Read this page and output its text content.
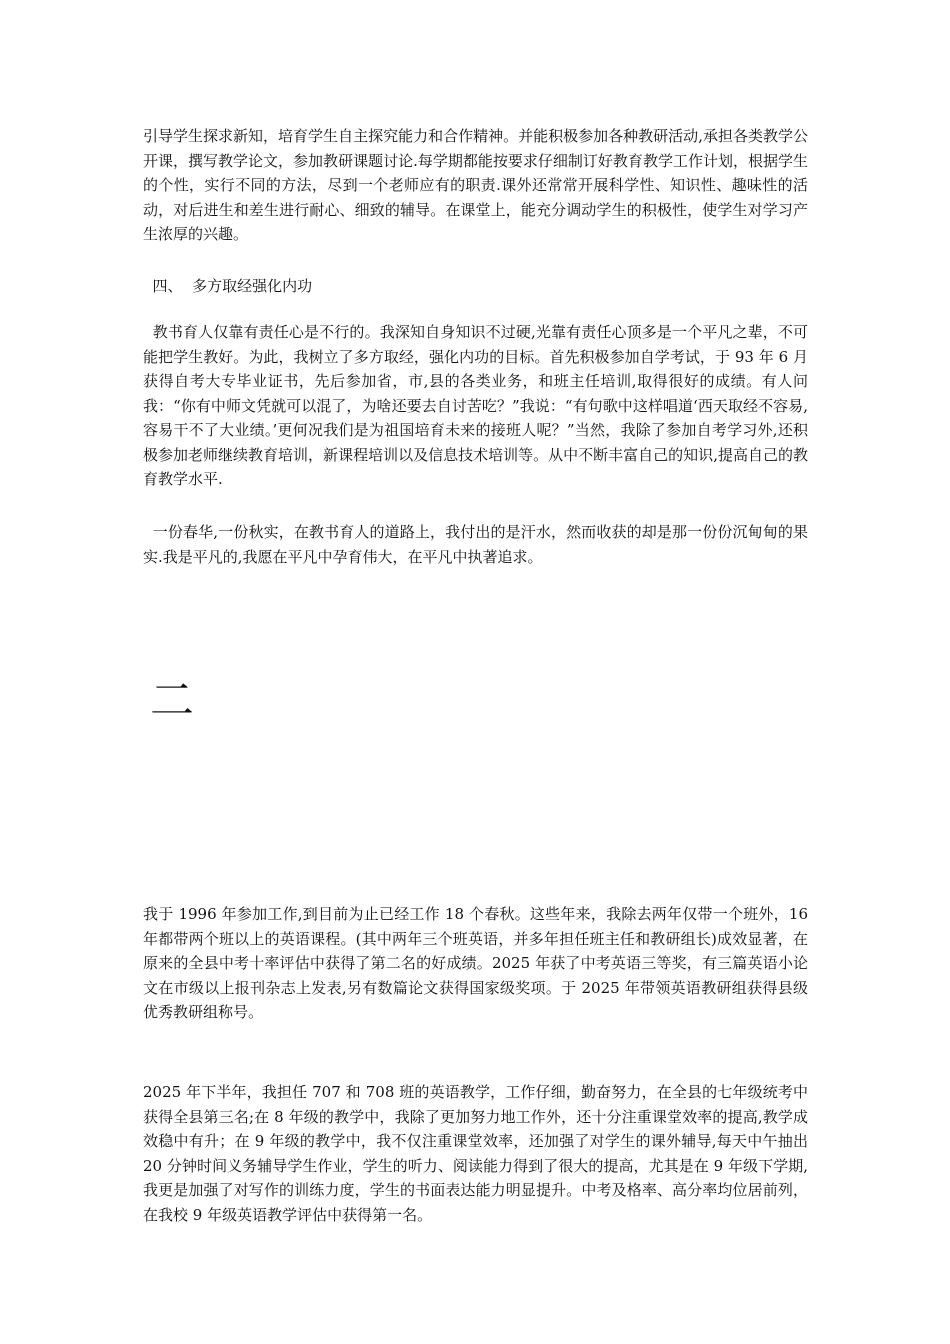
引导学生探求新知，培育学生自主探究能力和合作精神。并能积极参加各种教研活动,承担各类教学公开课，撰写教学论文，参加教研课题讨论.每学期都能按要求仔细制订好教育教学工作计划，根据学生的个性，实行不同的方法，尽到一个老师应有的职责.课外还常常开展科学性、知识性、趣味性的活动，对后进生和差生进行耐心、细致的辅导。在课堂上，能充分调动学生的积极性，使学生对学习产生浓厚的兴趣。

四、  多方取经强化内功

教书育人仅靠有责任心是不行的。我深知自身知识不过硬,光靠有责任心顶多是一个平凡之辈，不可能把学生教好。为此，我树立了多方取经，强化内功的目标。首先积极参加自学考试，于 93 年 6 月获得自考大专毕业证书，先后参加省，市,县的各类业务，和班主任培训,取得很好的成绩。有人问我：“你有中师文凭就可以混了，为啥还要去自讨苦吃？”我说：“有句歌中这样唱道‘西天取经不容易,容易干不了大业绩。’更何况我们是为祖国培育未来的接班人呢？”当然，我除了参加自考学习外,还积极参加老师继续教育培训，新课程培训以及信息技术培训等。从中不断丰富自己的知识,提高自己的教育教学水平.

一份春华,一份秋实，在教书育人的道路上，我付出的是汗水，然而收获的却是那一份份沉甸甸的果实.我是平凡的,我愿在平凡中孕育伟大，在平凡中执著追求。

二

我于 1996 年参加工作,到目前为止已经工作 18 个春秋。这些年来，我除去两年仅带一个班外，16 年都带两个班以上的英语课程。(其中两年三个班英语，并多年担任班主任和教研组长)成效显著，在原来的全县中考十率评估中获得了第二名的好成绩。2025 年获了中考英语三等奖，有三篇英语小论文在市级以上报刊杂志上发表,另有数篇论文获得国家级奖项。于 2025 年带领英语教研组获得县级优秀教研组称号。

2025 年下半年，我担任 707 和 708 班的英语教学，工作仔细，勤奋努力，在全县的七年级统考中获得全县第三名;在 8 年级的教学中，我除了更加努力地工作外，还十分注重课堂效率的提高,教学成效稳中有升；在 9 年级的教学中，我不仅注重课堂效率，还加强了对学生的课外辅导,每天中午抽出 20 分钟时间义务辅导学生作业，学生的听力、阅读能力得到了很大的提高，尤其是在 9 年级下学期,我更是加强了对写作的训练力度，学生的书面表达能力明显提升。中考及格率、高分率均位居前列，在我校 9 年级英语教学评估中获得第一名。
